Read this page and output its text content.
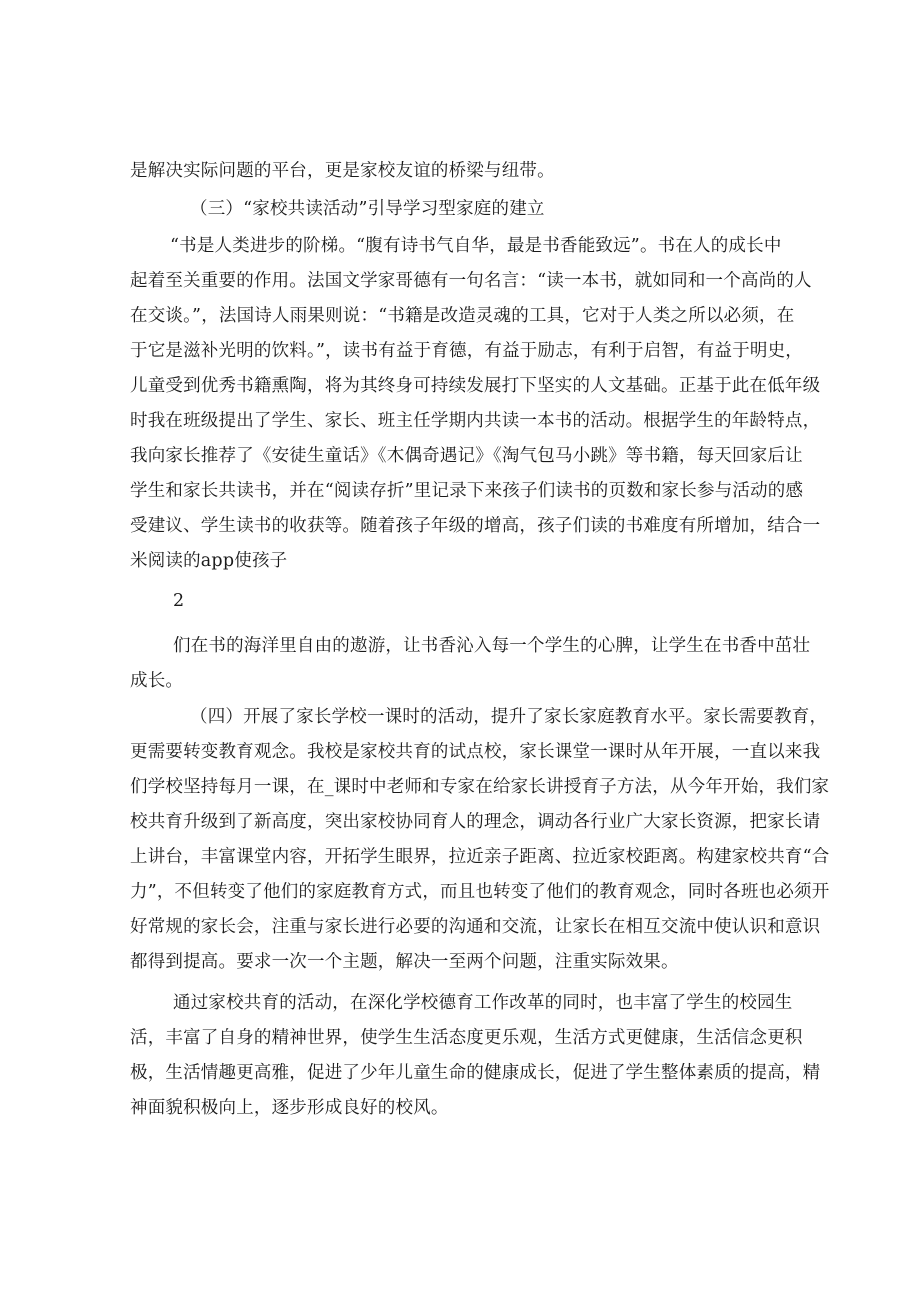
是解决实际问题的平台，更是家校友谊的桥梁与纽带。
（三）“家校共读活动”引导学习型家庭的建立
“书是人类进步的阶梯。“腹有诗书气自华，最是书香能致远”。书在人的成长中
起着至关重要的作用。法国文学家哥德有一句名言：“读一本书，就如同和一个高尚的人
在交谈。”，法国诗人雨果则说：“书籍是改造灵魂的工具，它对于人类之所以必须，在
于它是滋补光明的饮料。”，读书有益于育德，有益于励志，有利于启智，有益于明史，
儿童受到优秀书籍熏陶，将为其终身可持续发展打下坚实的人文基础。正基于此在低年级
时我在班级提出了学生、家长、班主任学期内共读一本书的活动。根据学生的年龄特点，
我向家长推荐了《安徒生童话》《木偶奇遇记》《淘气包马小跳》等书籍，每天回家后让
学生和家长共读书，并在“阅读存折”里记录下来孩子们读书的页数和家长参与活动的感
受建议、学生读书的收获等。随着孩子年级的增高，孩子们读的书难度有所增加，结合一
米阅读的app使孩子
2
们在书的海洋里自由的遨游，让书香沁入每一个学生的心脾，让学生在书香中茁壮
成长。
（四）开展了家长学校一课时的活动，提升了家长家庭教育水平。家长需要教育，
更需要转变教育观念。我校是家校共育的试点校，家长课堂一课时从年开展，一直以来我
们学校坚持每月一课，在_课时中老师和专家在给家长讲授育子方法，从今年开始，我们家
校共育升级到了新高度，突出家校协同育人的理念，调动各行业广大家长资源，把家长请
上讲台，丰富课堂内容，开拓学生眼界，拉近亲子距离、拉近家校距离。构建家校共育“合
力”，不但转变了他们的家庭教育方式，而且也转变了他们的教育观念，同时各班也必须开
好常规的家长会，注重与家长进行必要的沟通和交流，让家长在相互交流中使认识和意识
都得到提高。要求一次一个主题，解决一至两个问题，注重实际效果。
通过家校共育的活动，在深化学校德育工作改革的同时，也丰富了学生的校园生
活，丰富了自身的精神世界，使学生生活态度更乐观，生活方式更健康，生活信念更积
极，生活情趣更高雅，促进了少年儿童生命的健康成长，促进了学生整体素质的提高，精
神面貌积极向上，逐步形成良好的校风。
